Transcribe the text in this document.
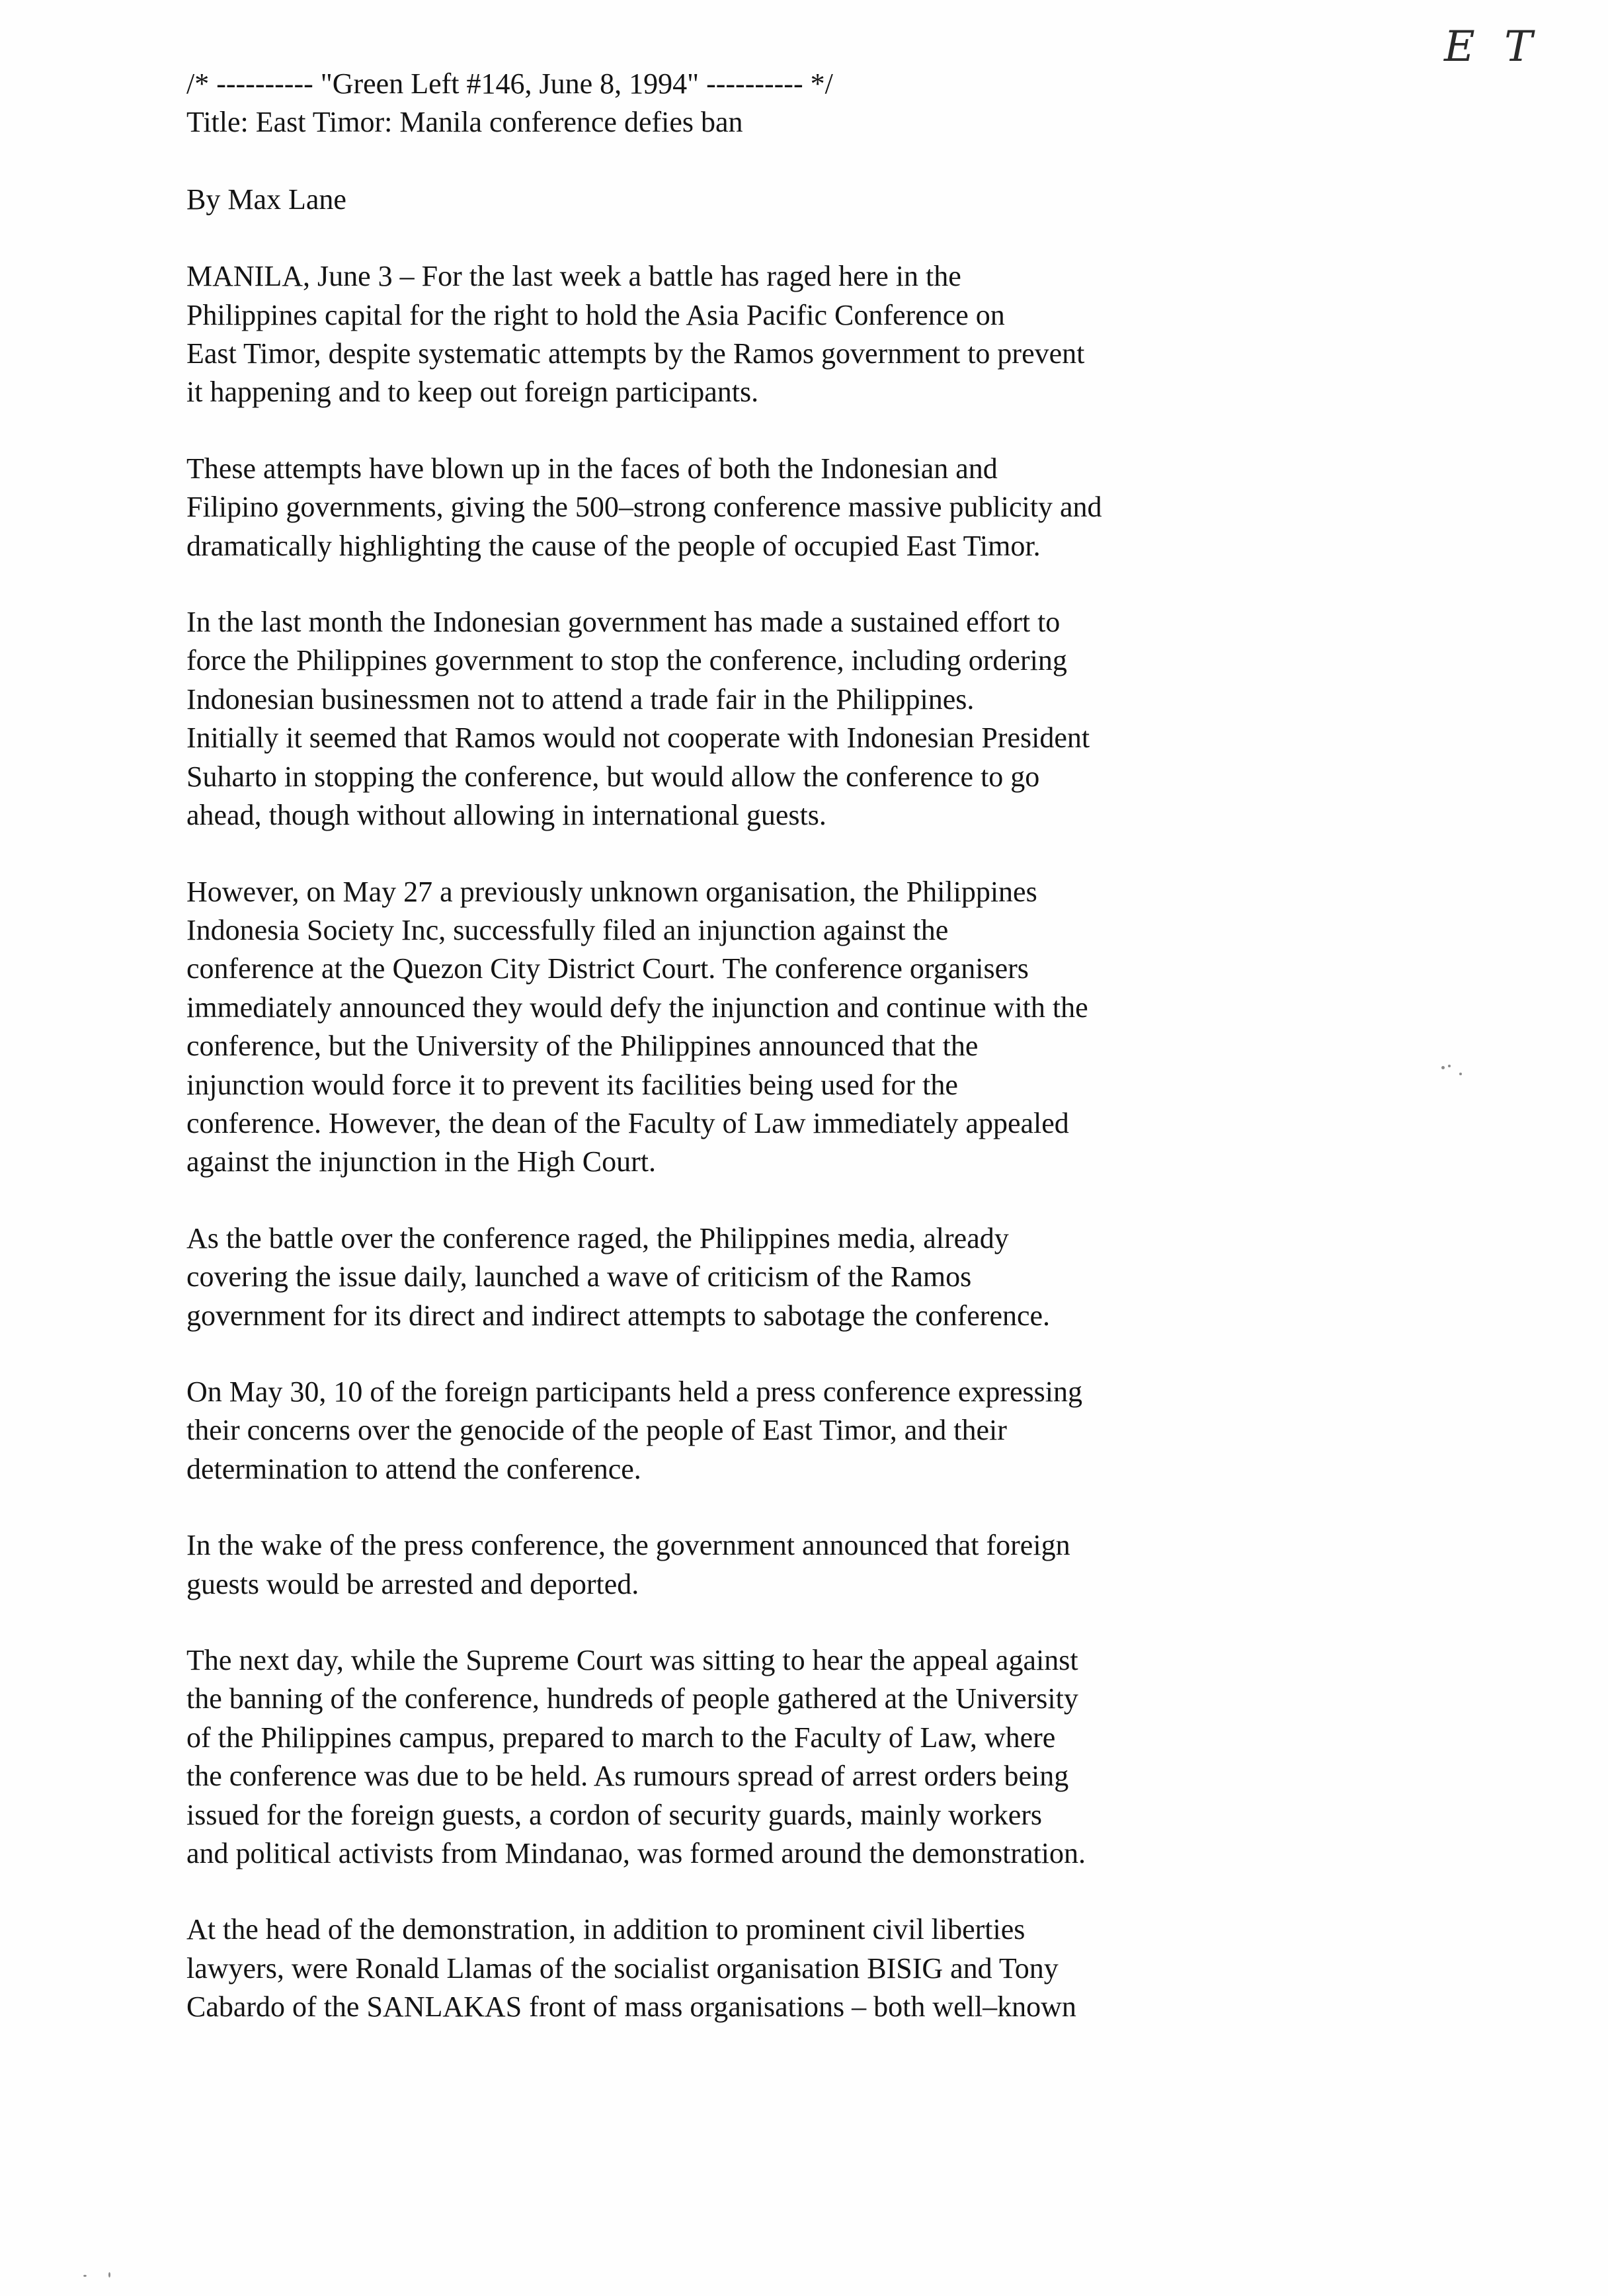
E T
/* ---------- "Green Left #146, June 8, 1994" ---------- */
Title: East Timor: Manila conference defies ban
By Max Lane
MANILA, June 3 – For the last week a battle has raged here in the
Philippines capital for the right to hold the Asia Pacific Conference on
East Timor, despite systematic attempts by the Ramos government to prevent
it happening and to keep out foreign participants.
These attempts have blown up in the faces of both the Indonesian and
Filipino governments, giving the 500–strong conference massive publicity and
dramatically highlighting the cause of the people of occupied East Timor.
In the last month the Indonesian government has made a sustained effort to
force the Philippines government to stop the conference, including ordering
Indonesian businessmen not to attend a trade fair in the Philippines.
Initially it seemed that Ramos would not cooperate with Indonesian President
Suharto in stopping the conference, but would allow the conference to go
ahead, though without allowing in international guests.
However, on May 27 a previously unknown organisation, the Philippines
Indonesia Society Inc, successfully filed an injunction against the
conference at the Quezon City District Court. The conference organisers
immediately announced they would defy the injunction and continue with the
conference, but the University of the Philippines announced that the
injunction would force it to prevent its facilities being used for the
conference. However, the dean of the Faculty of Law immediately appealed
against the injunction in the High Court.
As the battle over the conference raged, the Philippines media, already
covering the issue daily, launched a wave of criticism of the Ramos
government for its direct and indirect attempts to sabotage the conference.
On May 30, 10 of the foreign participants held a press conference expressing
their concerns over the genocide of the people of East Timor, and their
determination to attend the conference.
In the wake of the press conference, the government announced that foreign
guests would be arrested and deported.
The next day, while the Supreme Court was sitting to hear the appeal against
the banning of the conference, hundreds of people gathered at the University
of the Philippines campus, prepared to march to the Faculty of Law, where
the conference was due to be held. As rumours spread of arrest orders being
issued for the foreign guests, a cordon of security guards, mainly workers
and political activists from Mindanao, was formed around the demonstration.
At the head of the demonstration, in addition to prominent civil liberties
lawyers, were Ronald Llamas of the socialist organisation BISIG and Tony
Cabardo of the SANLAKAS front of mass organisations – both well–known
